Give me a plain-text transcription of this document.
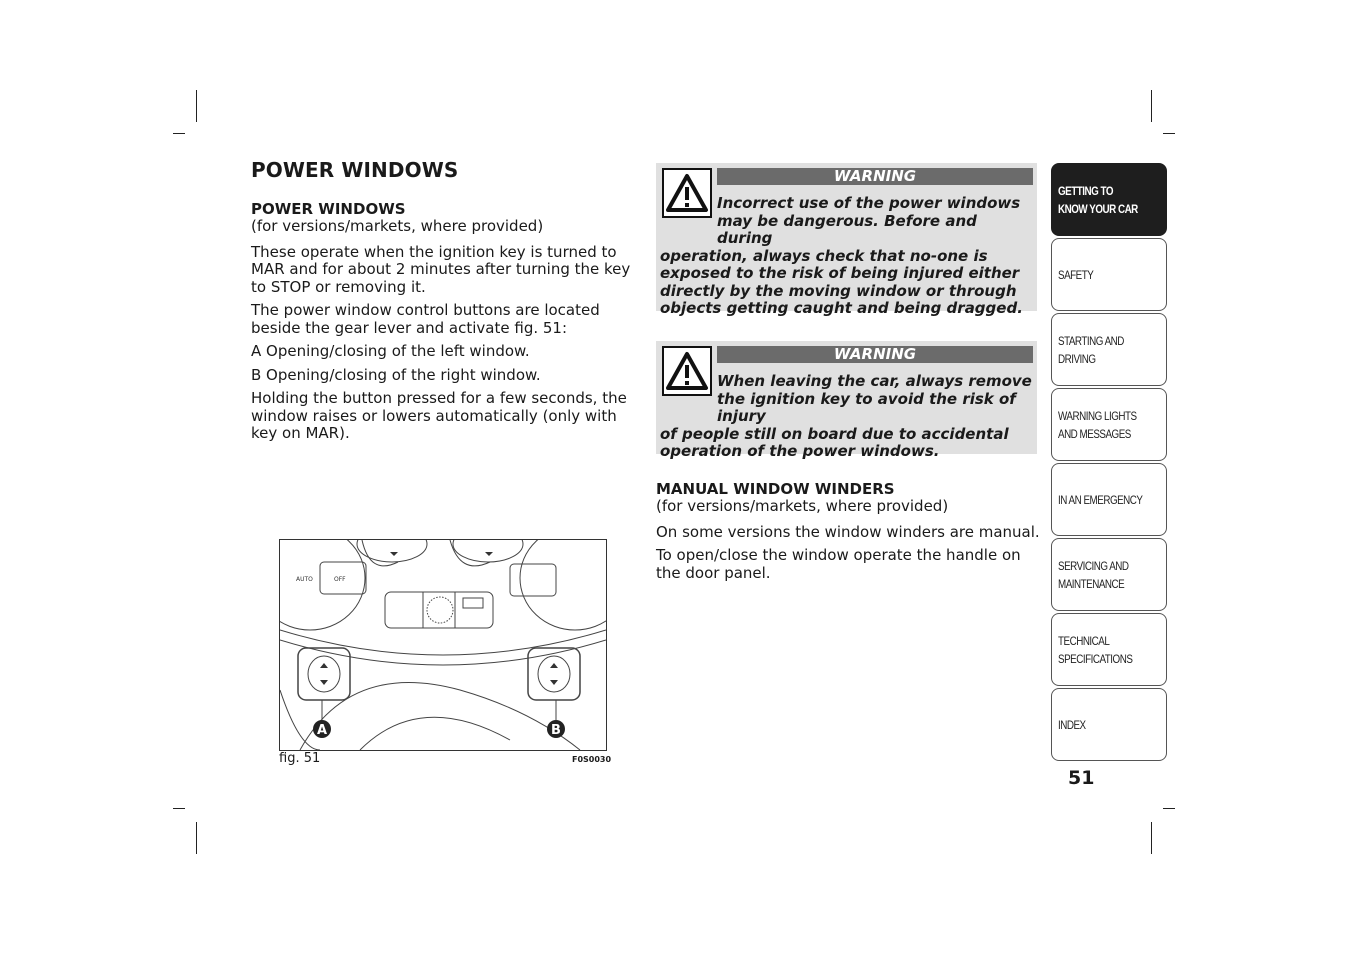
POWER WINDOWS
POWER WINDOWS

(for versions/markets, where provided)

These operate when the ignition key is turned to MAR and for about 2 minutes after turning the key to STOP or removing it.

The power window control buttons are located beside the gear lever and activate fig. 51:

A Opening/closing of the left window.

B Opening/closing of the right window.

Holding the button pressed for a few seconds, the window raises or lowers automatically (only with key on MAR).

AUTO	OFF
A	B
fig. 51	F0S0030
WARNING
Incorrect use of the power windows may be dangerous. Before and during
operation, always check that no-one is exposed to the risk of being injured either directly by the moving window or through objects getting caught and being dragged.
WARNING
When leaving the car, always remove the ignition key to avoid the risk of injury
of people still on board due to accidental operation of the power windows.
MANUAL WINDOW WINDERS

(for versions/markets, where provided)

On some versions the window winders are manual.

To open/close the window operate the handle on the door panel.

GETTING TO
KNOW YOUR CAR
SAFETY
STARTING AND
DRIVING
WARNING LIGHTS
AND MESSAGES
IN AN EMERGENCY
SERVICING AND
MAINTENANCE
TECHNICAL
SPECIFICATIONS
INDEX
51
